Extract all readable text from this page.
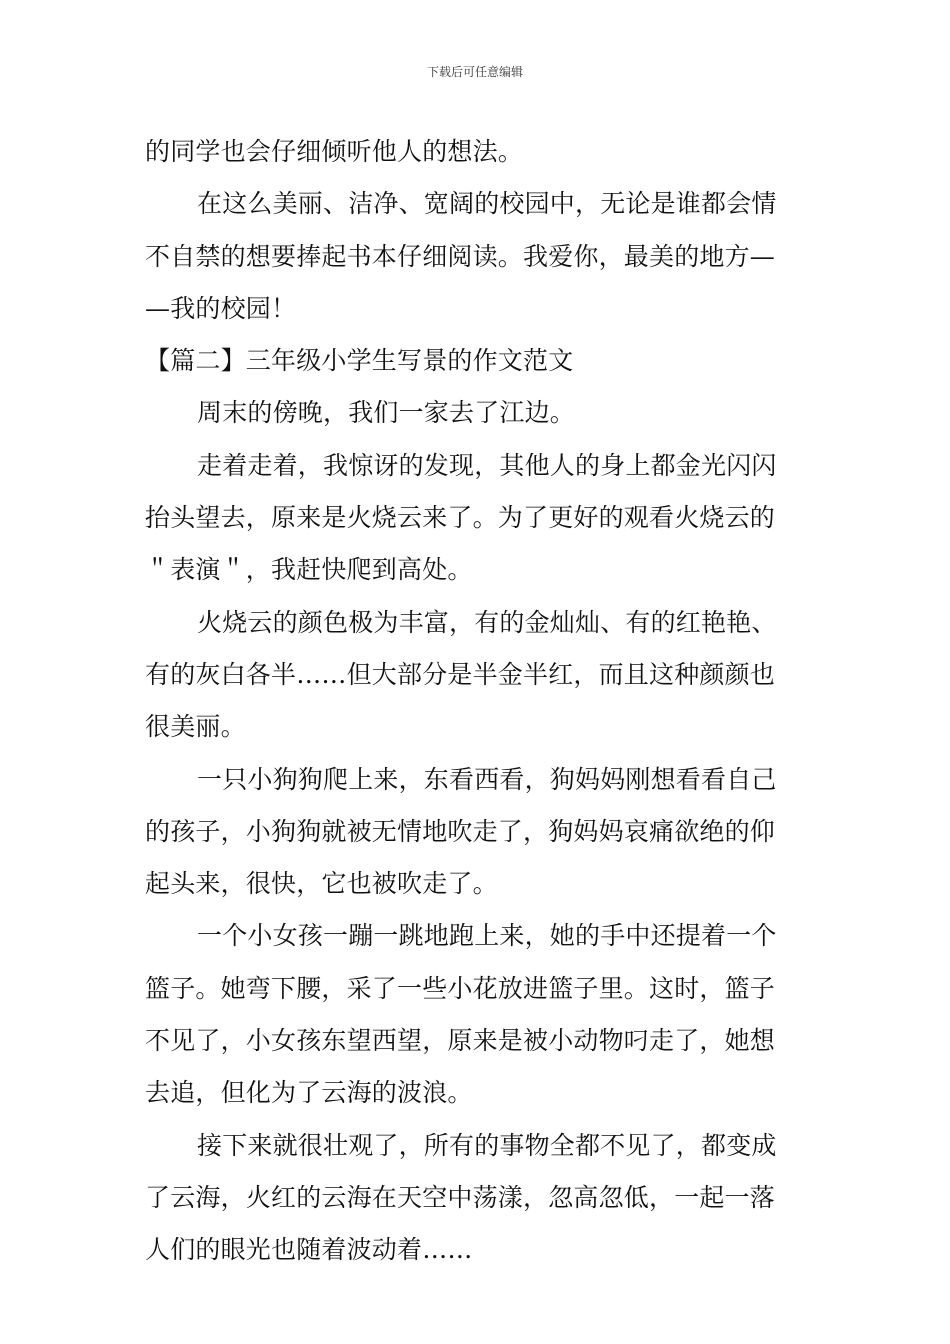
下载后可任意编辑
的同学也会仔细倾听他人的想法。
在这么美丽、洁净、宽阔的校园中，无论是谁都会情
不自禁的想要捧起书本仔细阅读。我爱你，最美的地方—
—我的校园！
【篇二】三年级小学生写景的作文范文
周末的傍晚，我们一家去了江边。
走着走着，我惊讶的发现，其他人的身上都金光闪闪
抬头望去，原来是火烧云来了。为了更好的观看火烧云的
＂表演＂，我赶快爬到高处。
火烧云的颜色极为丰富，有的金灿灿、有的红艳艳、
有的灰白各半……但大部分是半金半红，而且这种颜颜也
很美丽。
一只小狗狗爬上来，东看西看，狗妈妈刚想看看自己
的孩子，小狗狗就被无情地吹走了，狗妈妈哀痛欲绝的仰
起头来，很快，它也被吹走了。
一个小女孩一蹦一跳地跑上来，她的手中还提着一个
篮子。她弯下腰，采了一些小花放进篮子里。这时，篮子
不见了，小女孩东望西望，原来是被小动物叼走了，她想
去追，但化为了云海的波浪。
接下来就很壮观了，所有的事物全都不见了，都变成
了云海，火红的云海在天空中荡漾，忽高忽低，一起一落
人们的眼光也随着波动着……
